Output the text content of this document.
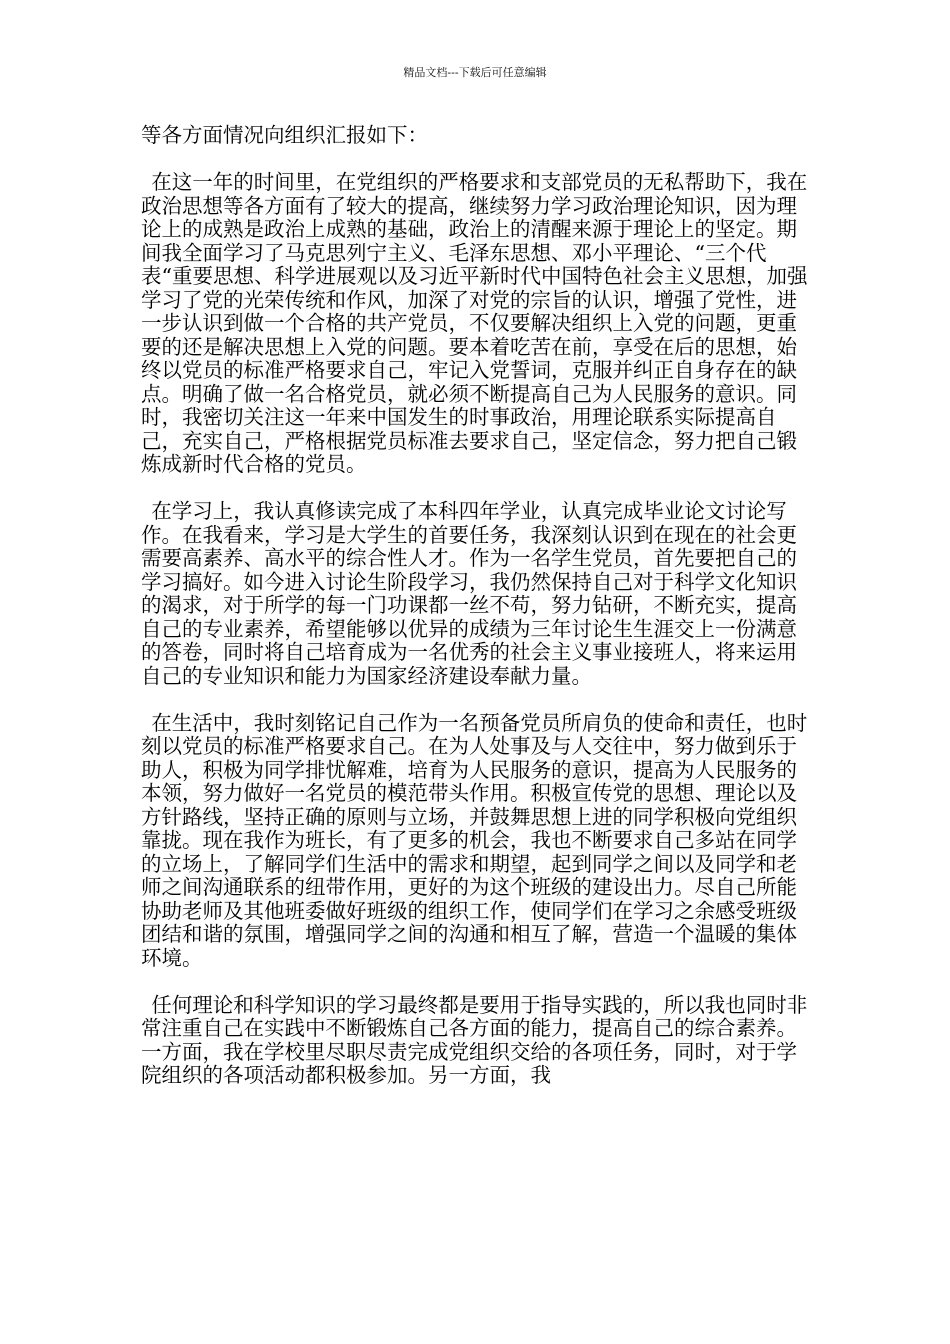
精品文档---下载后可任意编辑

等各方面情况向组织汇报如下：

在这一年的时间里，在党组织的严格要求和支部党员的无私帮助下，我在政治思想等各方面有了较大的提高，继续努力学习政治理论知识，因为理论上的成熟是政治上成熟的基础，政治上的清醒来源于理论上的坚定。期间我全面学习了马克思列宁主义、毛泽东思想、邓小平理论、“三个代表“重要思想、科学进展观以及习近平新时代中国特色社会主义思想，加强学习了党的光荣传统和作风，加深了对党的宗旨的认识，增强了党性，进一步认识到做一个合格的共产党员，不仅要解决组织上入党的问题，更重要的还是解决思想上入党的问题。要本着吃苦在前，享受在后的思想，始终以党员的标准严格要求自己，牢记入党誓词，克服并纠正自身存在的缺点。明确了做一名合格党员，就必须不断提高自己为人民服务的意识。同时，我密切关注这一年来中国发生的时事政治，用理论联系实际提高自己，充实自己，严格根据党员标准去要求自己，坚定信念，努力把自己锻炼成新时代合格的党员。

在学习上，我认真修读完成了本科四年学业，认真完成毕业论文讨论写作。在我看来，学习是大学生的首要任务，我深刻认识到在现在的社会更需要高素养、高水平的综合性人才。作为一名学生党员，首先要把自己的学习搞好。如今进入讨论生阶段学习，我仍然保持自己对于科学文化知识的渴求，对于所学的每一门功课都一丝不苟，努力钻研，不断充实，提高自己的专业素养，希望能够以优异的成绩为三年讨论生生涯交上一份满意的答卷，同时将自己培育成为一名优秀的社会主义事业接班人，将来运用自己的专业知识和能力为国家经济建设奉献力量。

在生活中，我时刻铭记自己作为一名预备党员所肩负的使命和责任，也时刻以党员的标准严格要求自己。在为人处事及与人交往中，努力做到乐于助人，积极为同学排忧解难，培育为人民服务的意识，提高为人民服务的本领，努力做好一名党员的模范带头作用。积极宣传党的思想、理论以及方针路线，坚持正确的原则与立场，并鼓舞思想上进的同学积极向党组织靠拢。现在我作为班长，有了更多的机会，我也不断要求自己多站在同学的立场上，了解同学们生活中的需求和期望，起到同学之间以及同学和老师之间沟通联系的纽带作用，更好的为这个班级的建设出力。尽自己所能协助老师及其他班委做好班级的组织工作，使同学们在学习之余感受班级团结和谐的氛围，增强同学之间的沟通和相互了解，营造一个温暖的集体环境。

任何理论和科学知识的学习最终都是要用于指导实践的，所以我也同时非常注重自己在实践中不断锻炼自己各方面的能力，提高自己的综合素养。一方面，我在学校里尽职尽责完成党组织交给的各项任务，同时，对于学院组织的各项活动都积极参加。另一方面，我
